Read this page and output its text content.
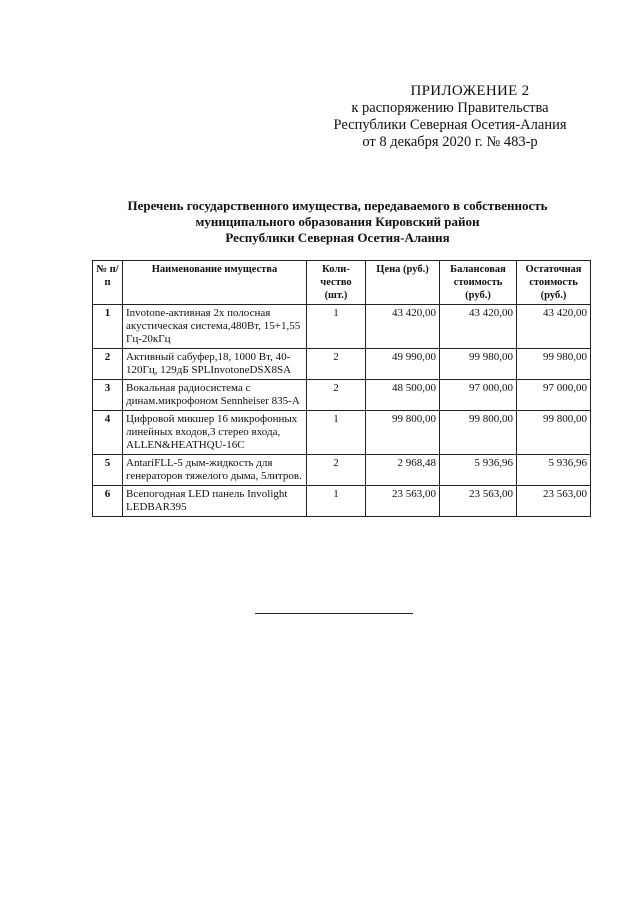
ПРИЛОЖЕНИЕ 2
к распоряжению Правительства
Республики Северная Осетия-Алания
от 8 декабря 2020 г. № 483-р
Перечень государственного имущества, передаваемого в собственность
муниципального образования Кировский район
Республики Северная Осетия-Алания
№ п/п	Наименование имущества	Коли- чество (шт.)	Цена (руб.)	Балансовая стоимость (руб.)	Остаточная стоимость (руб.)
1	Invotone-активная 2х полосная акустическая система,480Вт, 15+1,55 Гц-20кГц	1	43 420,00	43 420,00	43 420,00
2	Активный сабуфер,18, 1000 Вт, 40-120Гц, 129дБ SPLInvotoneDSX8SA	2	49 990,00	99 980,00	99 980,00
3	Вокальная радиосистема с динам.микрофоном Sennheiser 835-A	2	48 500,00	97 000,00	97 000,00
4	Цифровой микшер 16 микрофонных линейных входов,3 стерео входа, ALLEN&HEATHQU-16C	1	99 800,00	99 800,00	99 800,00
5	AntariFLL-5 дым-жидкость для генераторов тяжелого дыма, 5литров.	2	2 968,48	5 936,96	5 936,96
6	Всепогодная LED панель Involight LEDBAR395	1	23 563,00	23 563,00	23 563,00
